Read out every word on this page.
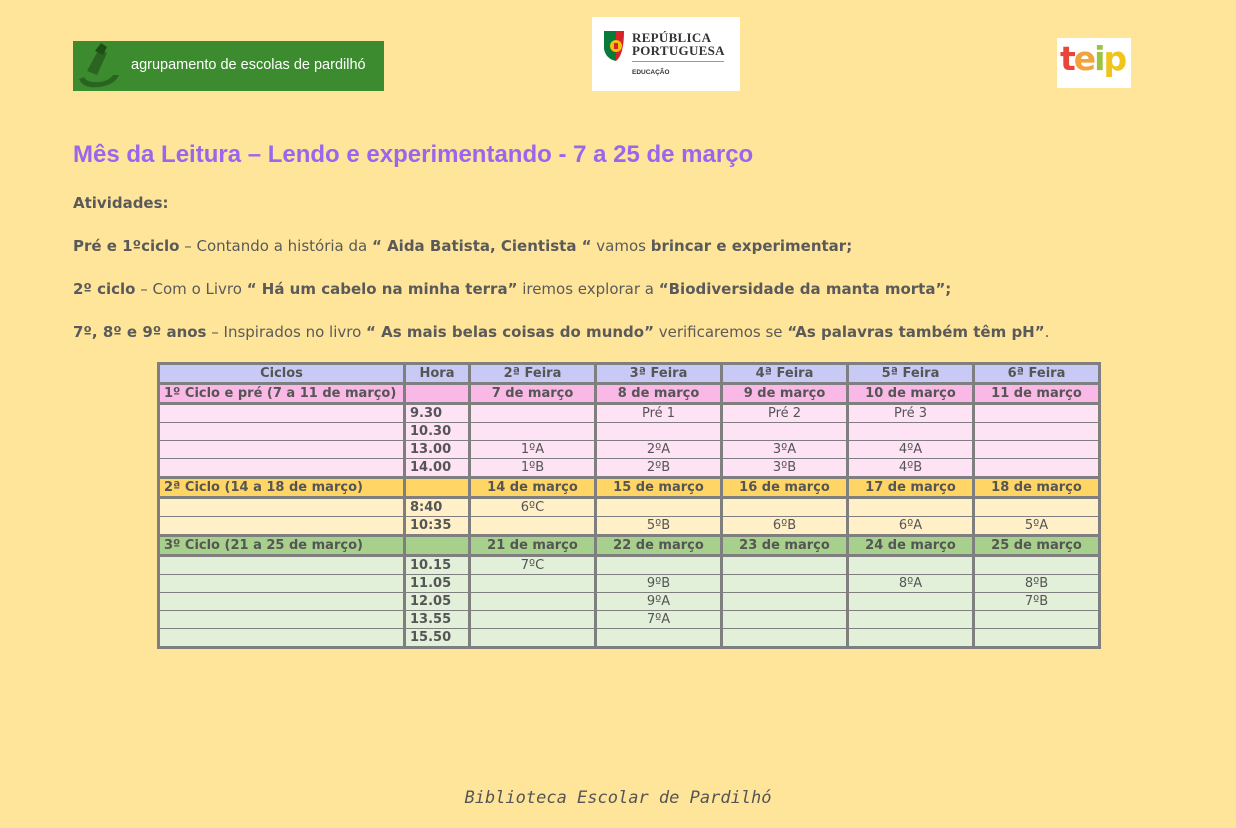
agrupamento de escolas de pardilhó
REPÚBLICA
PORTUGUESA
EDUCAÇÃO	teip
Mês da Leitura – Lendo e experimentando - 7 a 25 de março
Atividades:
Pré e 1ºciclo – Contando a história da “ Aida Batista, Cientista “ vamos brincar e experimentar;
2º ciclo – Com o Livro “ Há um cabelo na minha terra” iremos explorar a “Biodiversidade da manta morta”;
7º, 8º e 9º anos – Inspirados no livro “ As mais belas coisas do mundo” verificaremos se “As palavras também têm pH”.
Ciclos	Hora	2ª Feira	3ª Feira	4ª Feira	5ª Feira	6ª Feira
1º Ciclo e pré (7 a 11 de março)		7 de março	8 de março	9 de março	10 de março	11 de março
	9.30		Pré 1	Pré 2	Pré 3	
	10.30					
	13.00	1ºA	2ºA	3ºA	4ºA	
	14.00	1ºB	2ºB	3ºB	4ºB	
2ª Ciclo (14 a 18 de março)		14 de março	15 de março	16 de março	17 de março	18 de março
	8:40	6ºC				
	10:35		5ºB	6ºB	6ºA	5ºA
3º Ciclo (21 a 25 de março)		21 de março	22 de março	23 de março	24 de março	25 de março
	10.15	7ºC				
	11.05		9ºB		8ºA	8ºB
	12.05		9ºA			7ºB
	13.55		7ºA			
	15.50					
Biblioteca Escolar de Pardilhó
